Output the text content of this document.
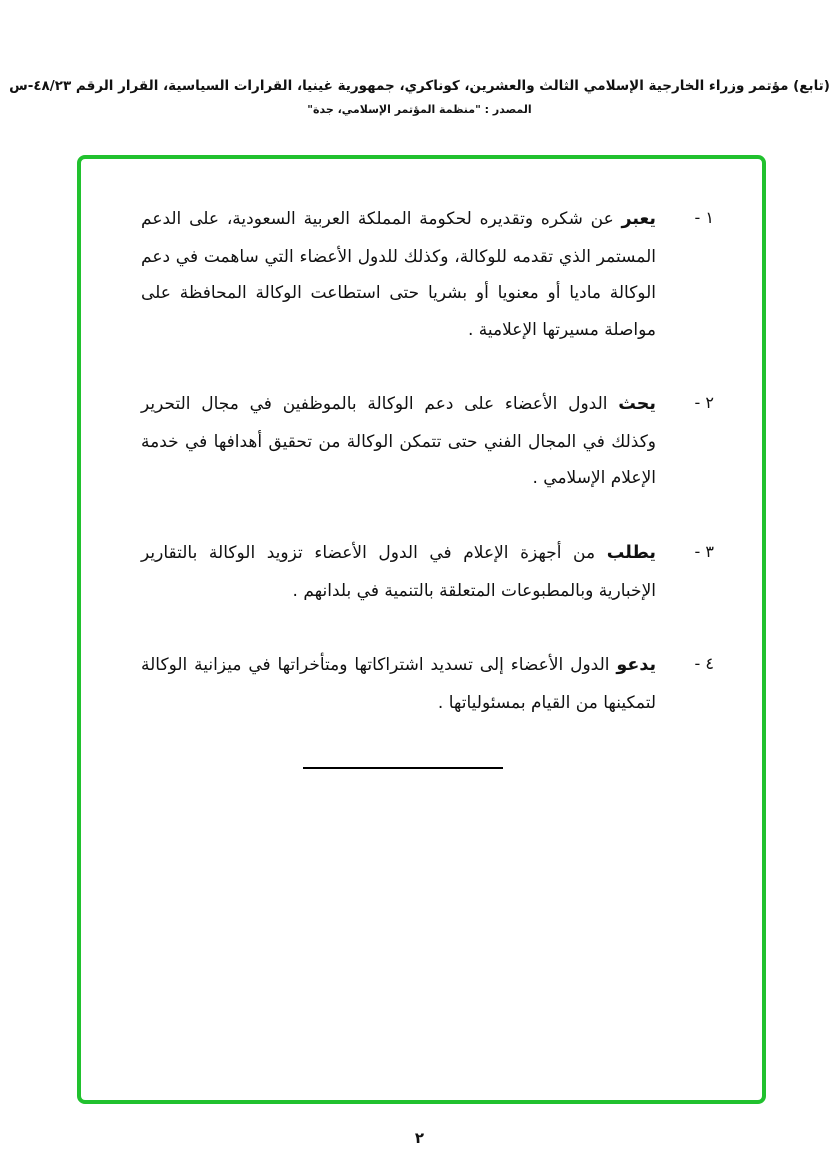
(تابع) مؤتمر وزراء الخارجية الإسلامي الثالث والعشرين، كوناكري، جمهورية غينيا، القرارات السياسية، القرار الرقم ٤٨/٢٣-س
المصدر : "منظمة المؤتمر الإسلامي، جدة"
١ -

يعبر عن شكره وتقديره لحكومة المملكة العربية السعودية، على الدعم المستمر الذي تقدمه للوكالة، وكذلك للدول الأعضاء التي ساهمت في دعم الوكالة ماديا أو معنويا أو بشريا حتى استطاعت الوكالة المحافظة على مواصلة مسيرتها الإعلامية .

٢ -

يحث الدول الأعضاء على دعم الوكالة بالموظفين في مجال التحرير وكذلك في المجال الفني حتى تتمكن الوكالة من تحقيق أهدافها في خدمة الإعلام الإسلامي .

٣ -

يطلب من أجهزة الإعلام في الدول الأعضاء تزويد الوكالة بالتقارير الإخبارية وبالمطبوعات المتعلقة بالتنمية في بلدانهم .

٤ -

يدعو الدول الأعضاء إلى تسديد اشتراكاتها ومتأخراتها في ميزانية الوكالة لتمكينها من القيام بمسئولياتها .

٢
